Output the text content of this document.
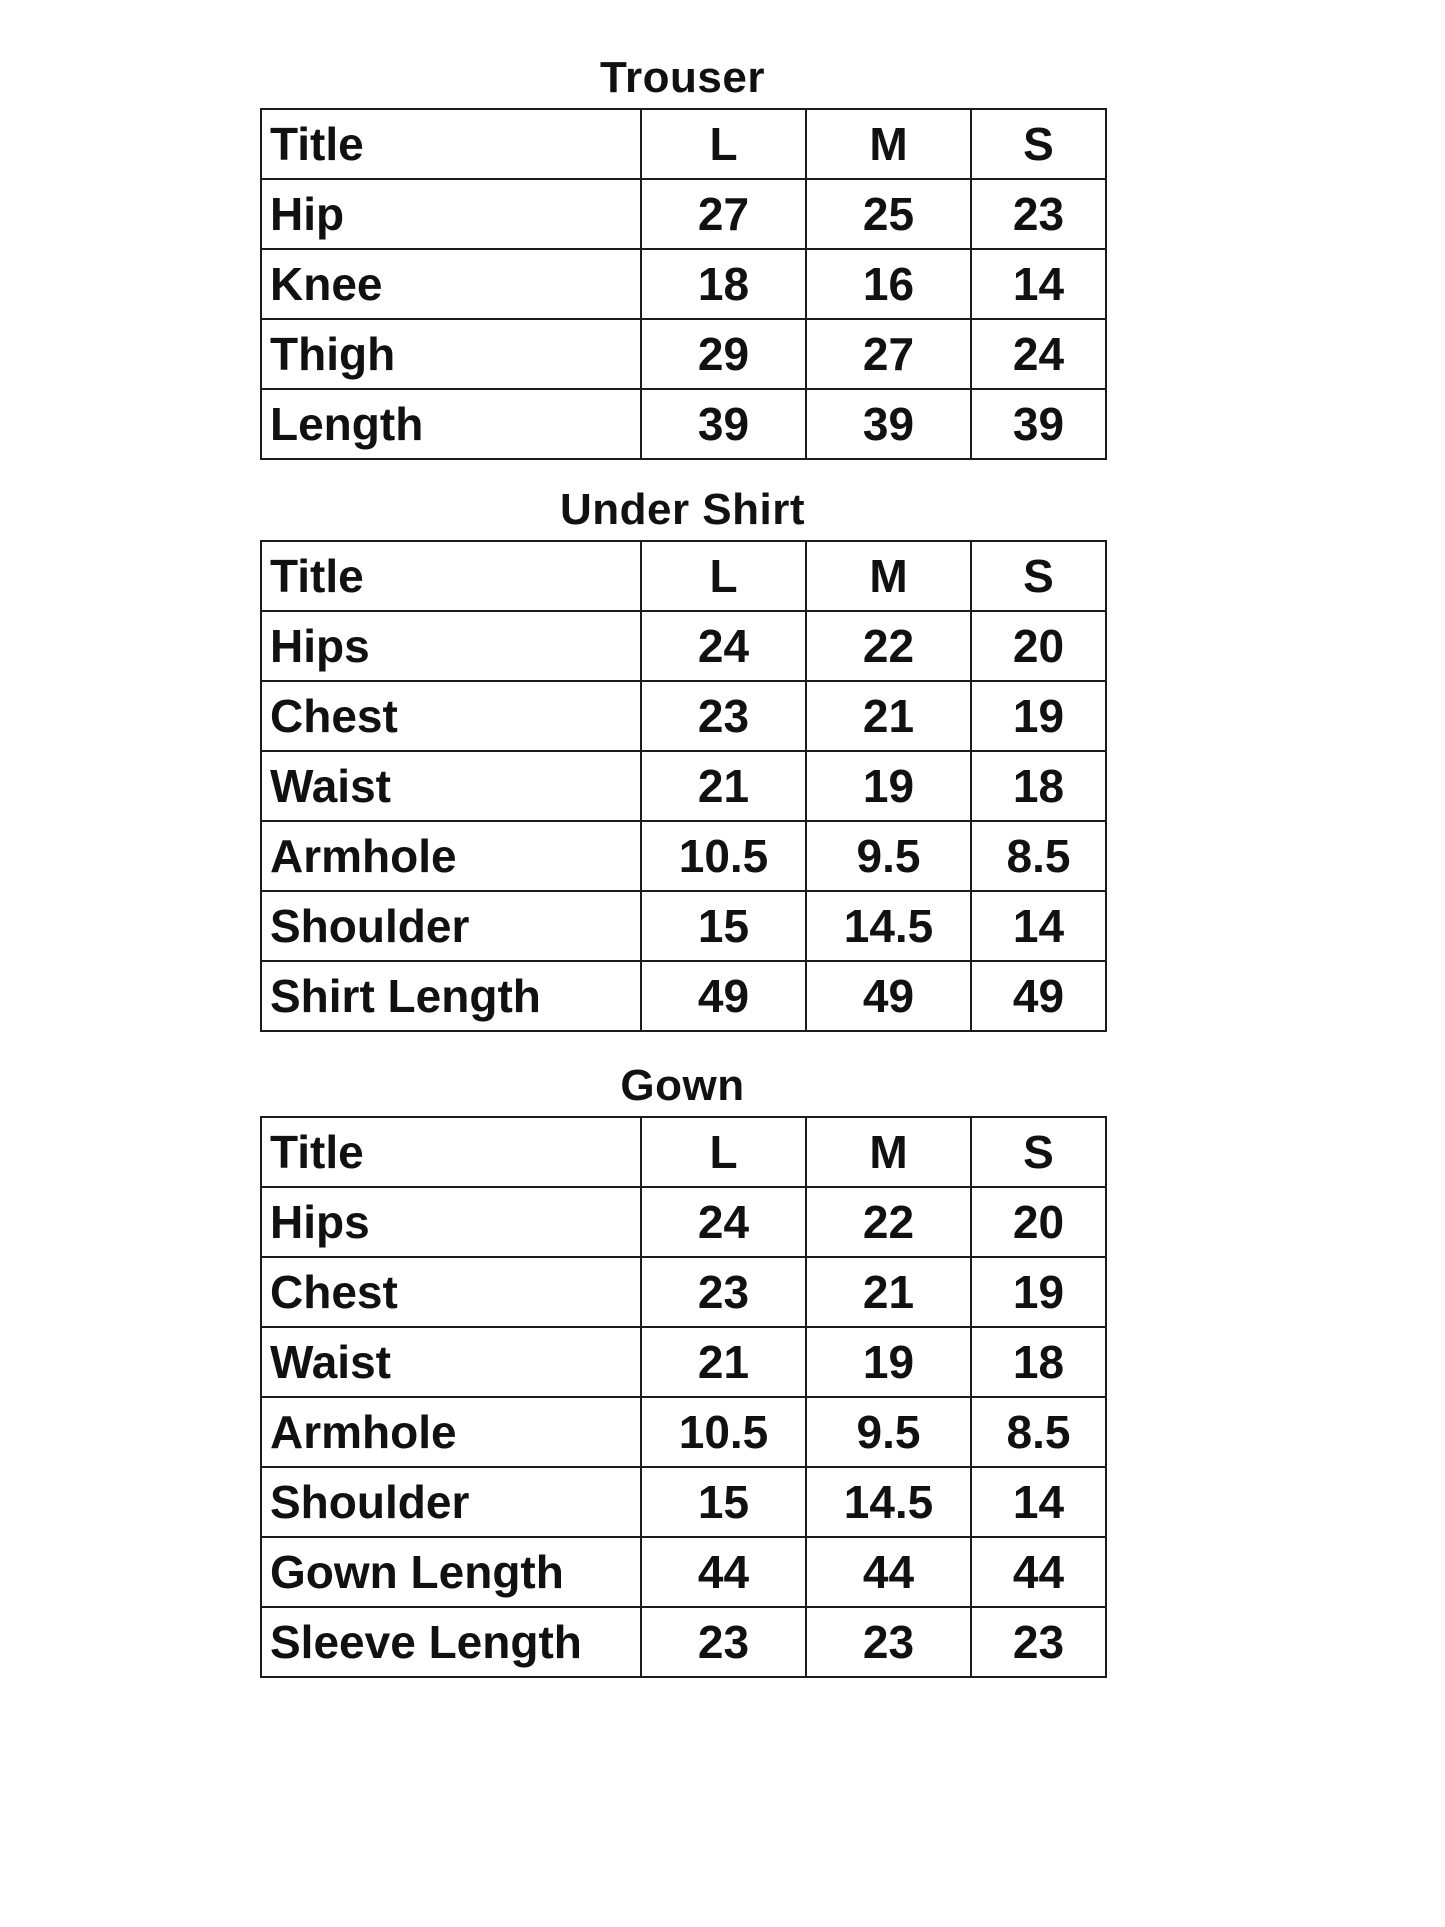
Trouser
Title	L	M	S
Hip	27	25	23
Knee	18	16	14
Thigh	29	27	24
Length	39	39	39
Under Shirt
Title	L	M	S
Hips	24	22	20
Chest	23	21	19
Waist	21	19	18
Armhole	10.5	9.5	8.5
Shoulder	15	14.5	14
Shirt Length	49	49	49
Gown
Title	L	M	S
Hips	24	22	20
Chest	23	21	19
Waist	21	19	18
Armhole	10.5	9.5	8.5
Shoulder	15	14.5	14
Gown Length	44	44	44
Sleeve Length	23	23	23
